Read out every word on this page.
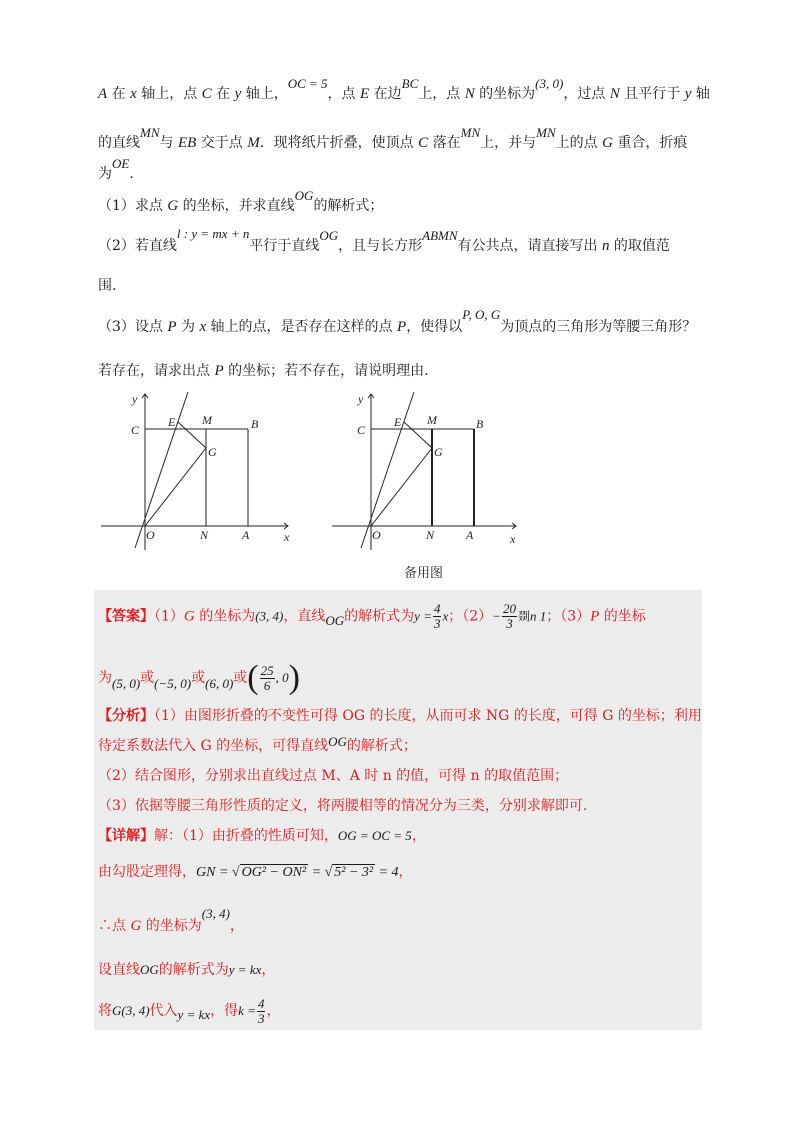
A 在 x 轴上，点 C 在 y 轴上，OC = 5，点 E 在边BC上，点 N 的坐标为(3, 0)，过点 N 且平行于 y 轴
的直线MN与 EB 交于点 M．现将纸片折叠，使顶点 C 落在MN上，并与MN上的点 G 重合，折痕
为OE.
（1）求点 G 的坐标，并求直线OG的解析式；
（2）若直线l : y = mx + n平行于直线OG，且与长方形ABMN有公共点，请直接写出 n 的取值范
围.
（3）设点 P 为 x 轴上的点，是否存在这样的点 P，使得以P, O, G为顶点的三角形为等腰三角形？
若存在，请求出点 P 的坐标；若不存在，请说明理由.
y
x
O
C
E M	B
G
N	A
y
x
O
C
E M	B
G
N	A
备用图
【答案】（1）G 的坐标为(3, 4)，直线OG的解析式为$y = \frac{4}{3}$ x；$(2)- \frac{20}{3}$ 剟n 1；（3）P 的坐标
为(5, 0)或(−5, 0)或(6, 0)或( $\frac{25}{6}$ , 0)
【分析】（1）由图形折叠的不变性可得 OG 的长度，从而可求 NG 的长度，可得 G 的坐标；利用
待定系数法代入 G 的坐标，可得直线OG的解析式；
（2）结合图形，分别求出直线过点 M、A 时 n 的值，可得 n 的取值范围；
（3）依据等腰三角形性质的定义，将两腰相等的情况分为三类，分别求解即可.
【详解】解：（1）由折叠的性质可知，OG = OC = 5，
由勾股定理得，GN = √ OG² − ON² = √ 5² − 3² = 4，
∴点 G 的坐标为(3, 4)，
设直线OG的解析式为y = kx，
将G(3, 4)代入y = kx，得$k = \frac{4}{3}$ ，
